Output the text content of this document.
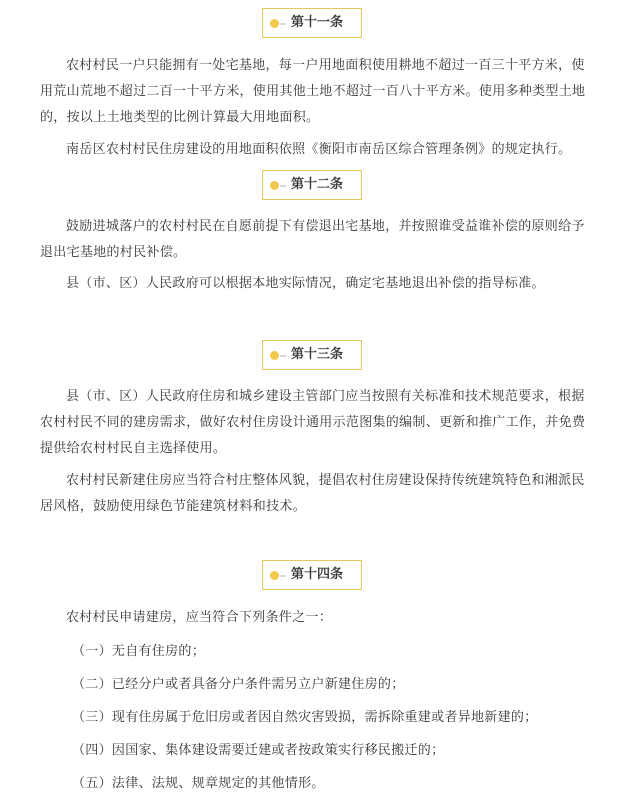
第十一条

农村村民一户只能拥有一处宅基地，每一户用地面积使用耕地不超过一百三十平方米，使用荒山荒地不超过二百一十平方米，使用其他土地不超过一百八十平方米。使用多种类型土地的，按以上土地类型的比例计算最大用地面积。

南岳区农村村民住房建设的用地面积依照《衡阳市南岳区综合管理条例》的规定执行。

第十二条

鼓励进城落户的农村村民在自愿前提下有偿退出宅基地，并按照谁受益谁补偿的原则给予退出宅基地的村民补偿。

县（市、区）人民政府可以根据本地实际情况，确定宅基地退出补偿的指导标准。

第十三条

县（市、区）人民政府住房和城乡建设主管部门应当按照有关标准和技术规范要求，根据农村村民不同的建房需求，做好农村住房设计通用示范图集的编制、更新和推广工作，并免费提供给农村村民自主选择使用。

农村村民新建住房应当符合村庄整体风貌，提倡农村住房建设保持传统建筑特色和湘派民居风格，鼓励使用绿色节能建筑材料和技术。

第十四条

农村村民申请建房，应当符合下列条件之一：

（一）无自有住房的；
（二）已经分户或者具备分户条件需另立户新建住房的；
（三）现有住房属于危旧房或者因自然灾害毁损，需拆除重建或者异地新建的；
（四）因国家、集体建设需要迁建或者按政策实行移民搬迁的；
（五）法律、法规、规章规定的其他情形。
